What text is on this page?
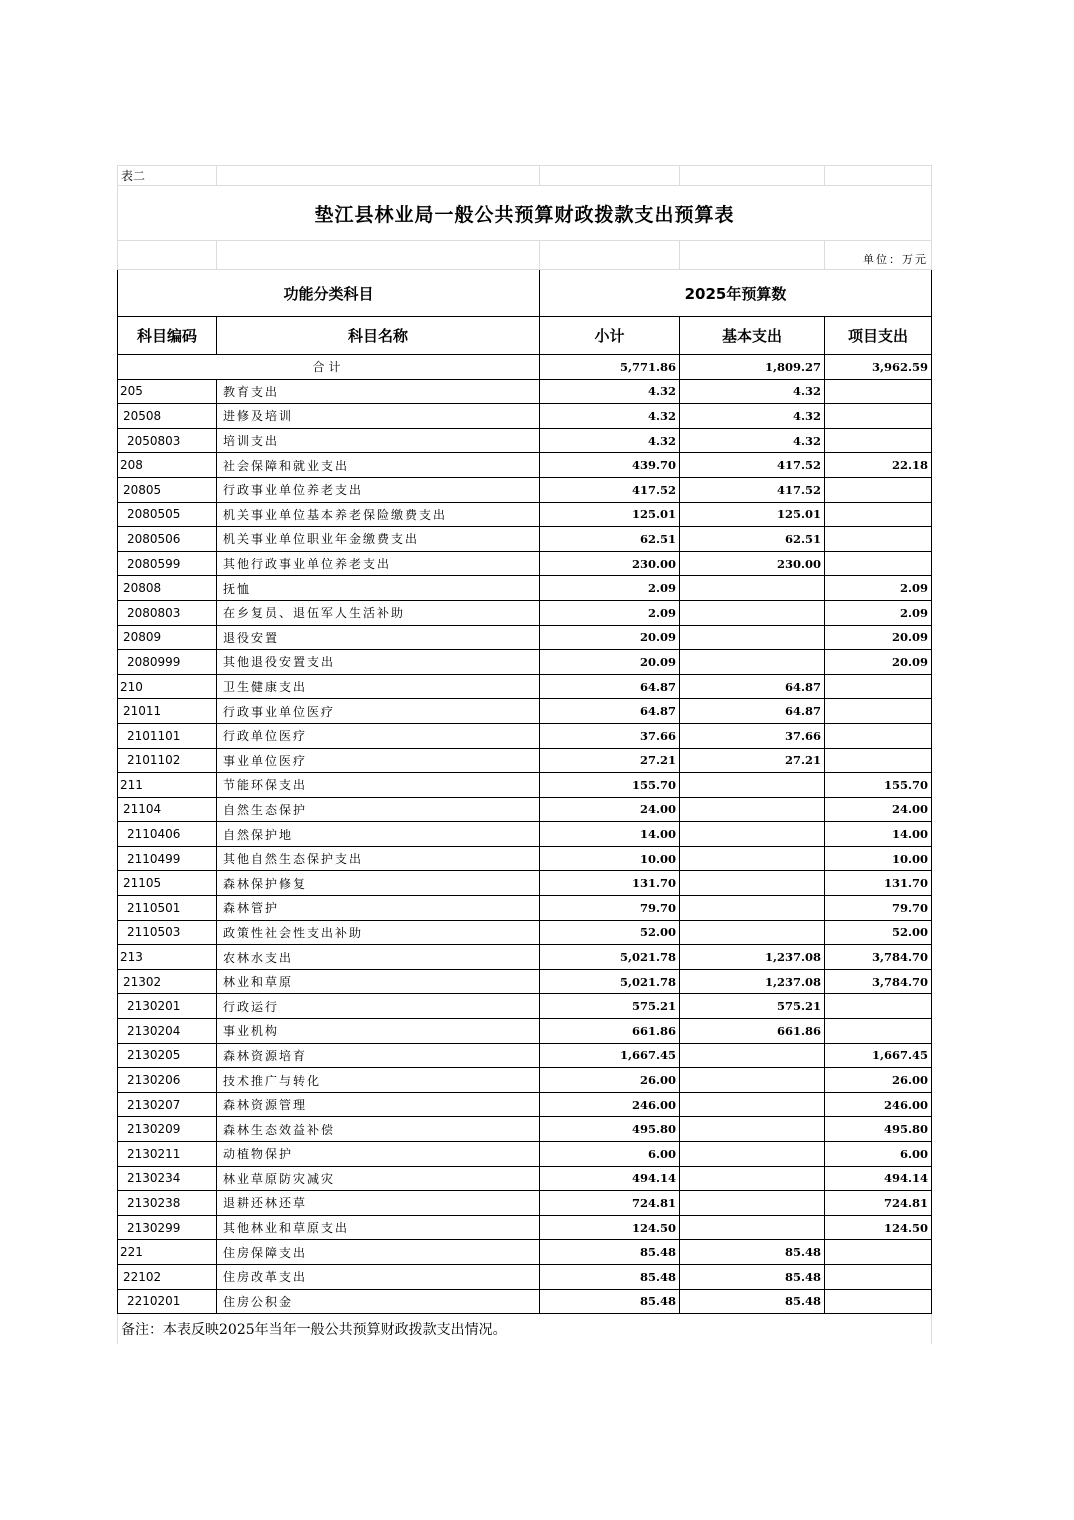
表二				
垫江县林业局一般公共预算财政拨款支出预算表				
				单位：万元
功能分类科目		2025年预算数		
科目编码	科目名称	小计	基本支出	项目支出
合计		5,771.86	1,809.27	3,962.59
205	教育支出	4.32	4.32	
20508	进修及培训	4.32	4.32	
2050803	培训支出	4.32	4.32	
208	社会保障和就业支出	439.70	417.52	22.18
20805	行政事业单位养老支出	417.52	417.52	
2080505	机关事业单位基本养老保险缴费支出	125.01	125.01	
2080506	机关事业单位职业年金缴费支出	62.51	62.51	
2080599	其他行政事业单位养老支出	230.00	230.00	
20808	抚恤	2.09		2.09
2080803	在乡复员、退伍军人生活补助	2.09		2.09
20809	退役安置	20.09		20.09
2080999	其他退役安置支出	20.09		20.09
210	卫生健康支出	64.87	64.87	
21011	行政事业单位医疗	64.87	64.87	
2101101	行政单位医疗	37.66	37.66	
2101102	事业单位医疗	27.21	27.21	
211	节能环保支出	155.70		155.70
21104	自然生态保护	24.00		24.00
2110406	自然保护地	14.00		14.00
2110499	其他自然生态保护支出	10.00		10.00
21105	森林保护修复	131.70		131.70
2110501	森林管护	79.70		79.70
2110503	政策性社会性支出补助	52.00		52.00
213	农林水支出	5,021.78	1,237.08	3,784.70
21302	林业和草原	5,021.78	1,237.08	3,784.70
2130201	行政运行	575.21	575.21	
2130204	事业机构	661.86	661.86	
2130205	森林资源培育	1,667.45		1,667.45
2130206	技术推广与转化	26.00		26.00
2130207	森林资源管理	246.00		246.00
2130209	森林生态效益补偿	495.80		495.80
2130211	动植物保护	6.00		6.00
2130234	林业草原防灾减灾	494.14		494.14
2130238	退耕还林还草	724.81		724.81
2130299	其他林业和草原支出	124.50		124.50
221	住房保障支出	85.48	85.48	
22102	住房改革支出	85.48	85.48	
2210201	住房公积金	85.48	85.48	
备注：本表反映2025年当年一般公共预算财政拨款支出情况。
